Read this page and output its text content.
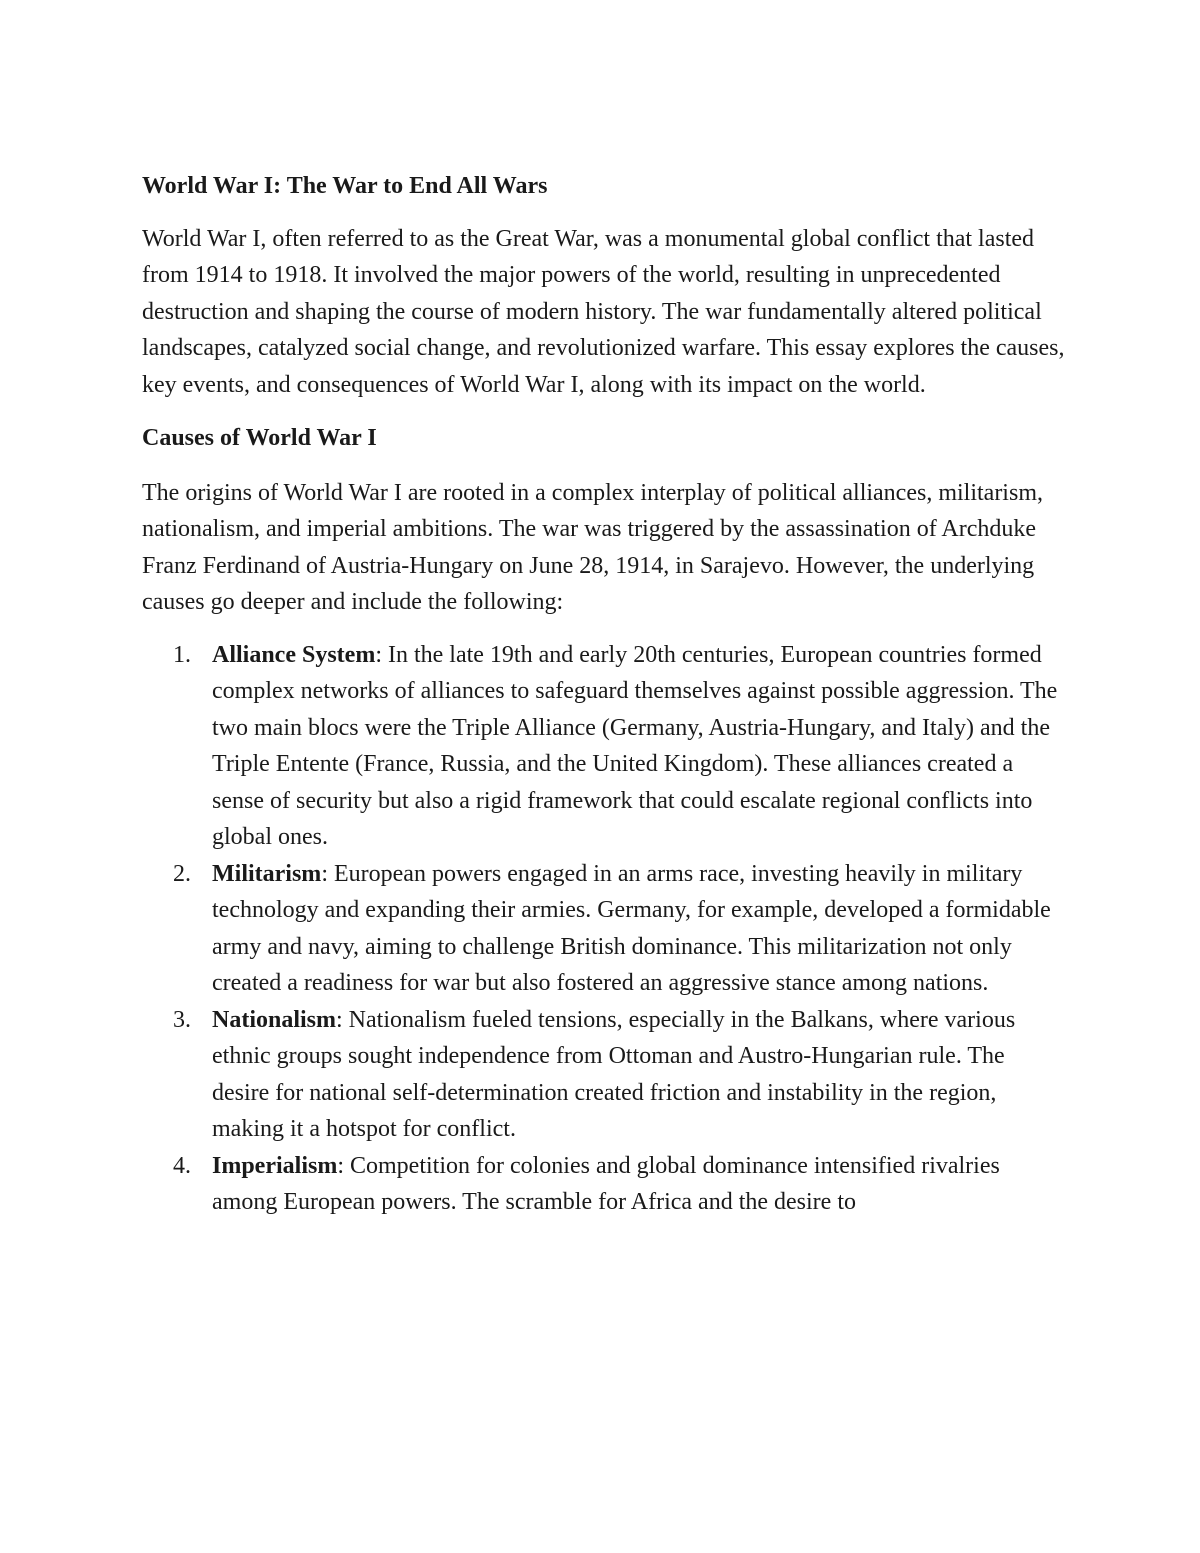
World War I: The War to End All Wars

World War I, often referred to as the Great War, was a monumental global conflict that lasted from 1914 to 1918. It involved the major powers of the world, resulting in unprecedented destruction and shaping the course of modern history. The war fundamentally altered political landscapes, catalyzed social change, and revolutionized warfare. This essay explores the causes, key events, and consequences of World War I, along with its impact on the world.

Causes of World War I

The origins of World War I are rooted in a complex interplay of political alliances, militarism, nationalism, and imperial ambitions. The war was triggered by the assassination of Archduke Franz Ferdinand of Austria-Hungary on June 28, 1914, in Sarajevo. However, the underlying causes go deeper and include the following:

1. Alliance System: In the late 19th and early 20th centuries, European countries formed complex networks of alliances to safeguard themselves against possible aggression. The two main blocs were the Triple Alliance (Germany, Austria-Hungary, and Italy) and the Triple Entente (France, Russia, and the United Kingdom). These alliances created a sense of security but also a rigid framework that could escalate regional conflicts into global ones.
2. Militarism: European powers engaged in an arms race, investing heavily in military technology and expanding their armies. Germany, for example, developed a formidable army and navy, aiming to challenge British dominance. This militarization not only created a readiness for war but also fostered an aggressive stance among nations.
3. Nationalism: Nationalism fueled tensions, especially in the Balkans, where various ethnic groups sought independence from Ottoman and Austro-Hungarian rule. The desire for national self-determination created friction and instability in the region, making it a hotspot for conflict.
4. Imperialism: Competition for colonies and global dominance intensified rivalries among European powers. The scramble for Africa and the desire to
